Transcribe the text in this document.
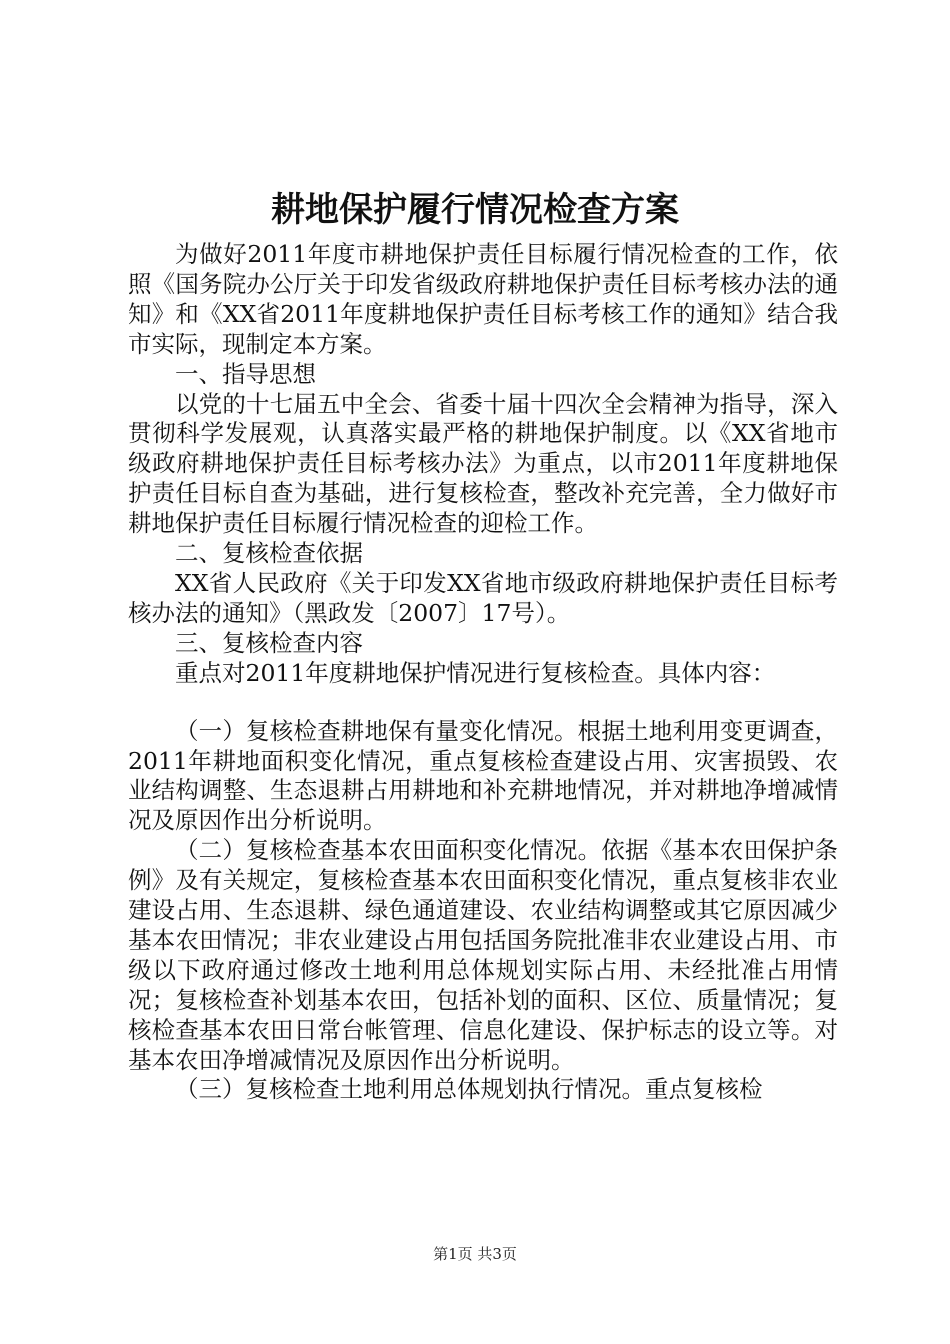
耕地保护履行情况检查方案

为做好2011年度市耕地保护责任目标履行情况检查的工作，依照《国务院办公厅关于印发省级政府耕地保护责任目标考核办法的通知》和《XX省2011年度耕地保护责任目标考核工作的通知》结合我市实际，现制定本方案。

一、指导思想

以党的十七届五中全会、省委十届十四次全会精神为指导，深入贯彻科学发展观，认真落实最严格的耕地保护制度。以《XX省地市级政府耕地保护责任目标考核办法》为重点，以市2011年度耕地保护责任目标自查为基础，进行复核检查，整改补充完善，全力做好市耕地保护责任目标履行情况检查的迎检工作。

二、复核检查依据

XX省人民政府《关于印发XX省地市级政府耕地保护责任目标考核办法的通知》（黑政发〔2007〕17号）。

三、复核检查内容

重点对2011年度耕地保护情况进行复核检查。具体内容：

（一）复核检查耕地保有量变化情况。根据土地利用变更调查，2011年耕地面积变化情况，重点复核检查建设占用、灾害损毁、农业结构调整、生态退耕占用耕地和补充耕地情况，并对耕地净增减情况及原因作出分析说明。

（二）复核检查基本农田面积变化情况。依据《基本农田保护条例》及有关规定，复核检查基本农田面积变化情况，重点复核非农业建设占用、生态退耕、绿色通道建设、农业结构调整或其它原因减少基本农田情况；非农业建设占用包括国务院批准非农业建设占用、市级以下政府通过修改土地利用总体规划实际占用、未经批准占用情况；复核检查补划基本农田，包括补划的面积、区位、质量情况；复核检查基本农田日常台帐管理、信息化建设、保护标志的设立等。对基本农田净增减情况及原因作出分析说明。

（三）复核检查土地利用总体规划执行情况。重点复核检

第1页 共3页
